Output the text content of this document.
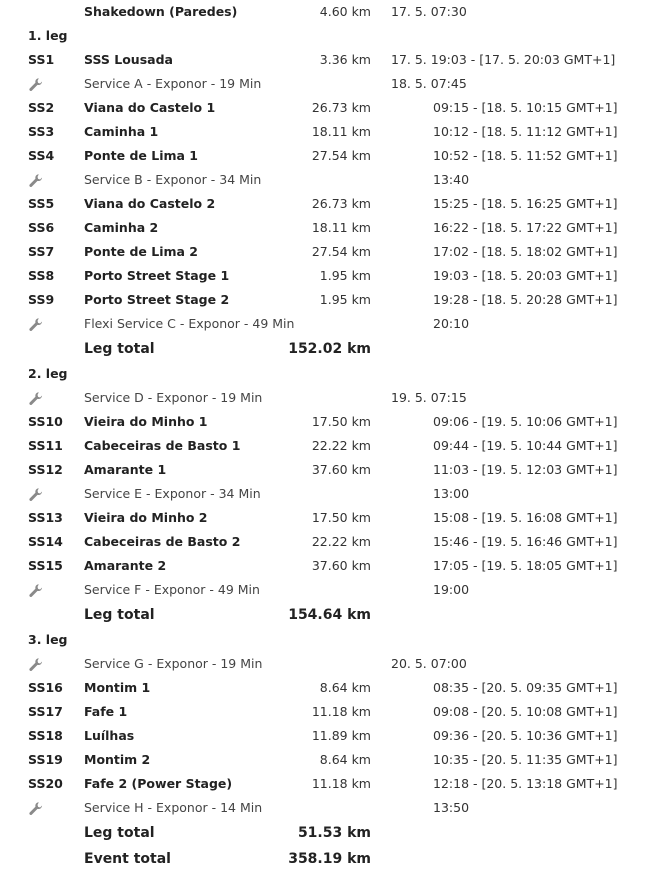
Shakedown (Paredes)	4.60 km 17. 5. 07:30
1. leg
SS1 SSS Lousada	3.36 km 17. 5. 19:03 - [17. 5. 20:03 GMT+1]
Service A - Exponor - 19 Min	18. 5. 07:45
SS2 Viana do Castelo 1	26.73 km	09:15 - [18. 5. 10:15 GMT+1]
SS3 Caminha 1	18.11 km	10:12 - [18. 5. 11:12 GMT+1]
SS4 Ponte de Lima 1	27.54 km	10:52 - [18. 5. 11:52 GMT+1]
Service B - Exponor - 34 Min	13:40
SS5 Viana do Castelo 2	26.73 km	15:25 - [18. 5. 16:25 GMT+1]
SS6 Caminha 2	18.11 km	16:22 - [18. 5. 17:22 GMT+1]
SS7 Ponte de Lima 2	27.54 km	17:02 - [18. 5. 18:02 GMT+1]
SS8 Porto Street Stage 1	1.95 km	19:03 - [18. 5. 20:03 GMT+1]
SS9 Porto Street Stage 2	1.95 km	19:28 - [18. 5. 20:28 GMT+1]
Flexi Service C - Exponor - 49 Min	20:10
Leg total	152.02 km
2. leg
Service D - Exponor - 19 Min	19. 5. 07:15
SS10 Vieira do Minho 1	17.50 km	09:06 - [19. 5. 10:06 GMT+1]
SS11 Cabeceiras de Basto 1	22.22 km	09:44 - [19. 5. 10:44 GMT+1]
SS12 Amarante 1	37.60 km	11:03 - [19. 5. 12:03 GMT+1]
Service E - Exponor - 34 Min	13:00
SS13 Vieira do Minho 2	17.50 km	15:08 - [19. 5. 16:08 GMT+1]
SS14 Cabeceiras de Basto 2	22.22 km	15:46 - [19. 5. 16:46 GMT+1]
SS15 Amarante 2	37.60 km	17:05 - [19. 5. 18:05 GMT+1]
Service F - Exponor - 49 Min	19:00
Leg total	154.64 km
3. leg
Service G - Exponor - 19 Min	20. 5. 07:00
SS16 Montim 1	8.64 km	08:35 - [20. 5. 09:35 GMT+1]
SS17 Fafe 1	11.18 km	09:08 - [20. 5. 10:08 GMT+1]
SS18 Luílhas	11.89 km	09:36 - [20. 5. 10:36 GMT+1]
SS19 Montim 2	8.64 km	10:35 - [20. 5. 11:35 GMT+1]
SS20 Fafe 2 (Power Stage)	11.18 km	12:18 - [20. 5. 13:18 GMT+1]
Service H - Exponor - 14 Min	13:50
Leg total	51.53 km
Event total	358.19 km
